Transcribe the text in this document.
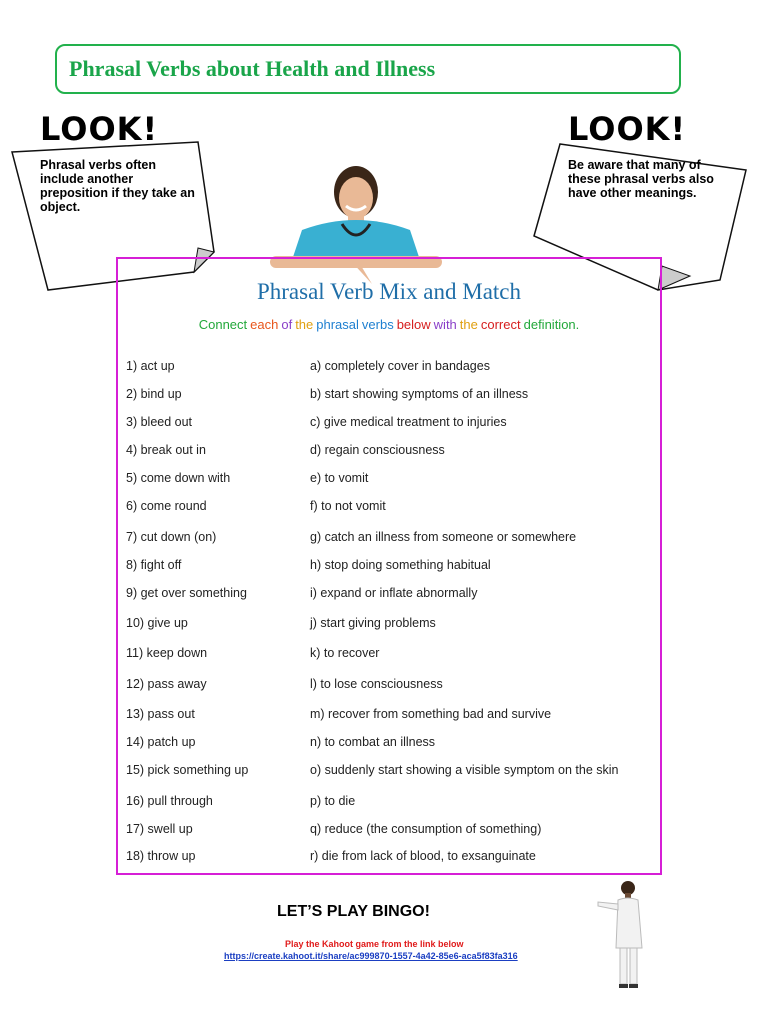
Phrasal Verbs about Health and Illness
LOOK!
Phrasal verbs often include another preposition if they take an object.
LOOK!
Be aware that many of these phrasal verbs also have other meanings.
Phrasal Verb Mix and Match
Connect each of the phrasal verbs below with the correct definition.
1) act up	a) completely cover in bandages
2) bind up	b) start showing symptoms of an illness
3) bleed out	c) give medical treatment to injuries
4) break out in	d) regain consciousness
5) come down with	e) to vomit
6) come round	f) to not vomit
7) cut down (on)	g) catch an illness from someone or somewhere
8) fight off	h) stop doing something habitual
9) get over something	i) expand or inflate abnormally
10) give up	j) start giving problems
11) keep down	k) to recover
12) pass away	l) to lose consciousness
13) pass out	m) recover from something bad and survive
14) patch up	n) to combat an illness
15) pick something up	o) suddenly start showing a visible symptom on the skin
16) pull through	p) to die
17) swell up	q) reduce (the consumption of something)
18) throw up	r) die from lack of blood, to exsanguinate
LET’S PLAY BINGO!
Play the Kahoot game from the link below
https://create.kahoot.it/share/ac999870-1557-4a42-85e6-aca5f83fa316
